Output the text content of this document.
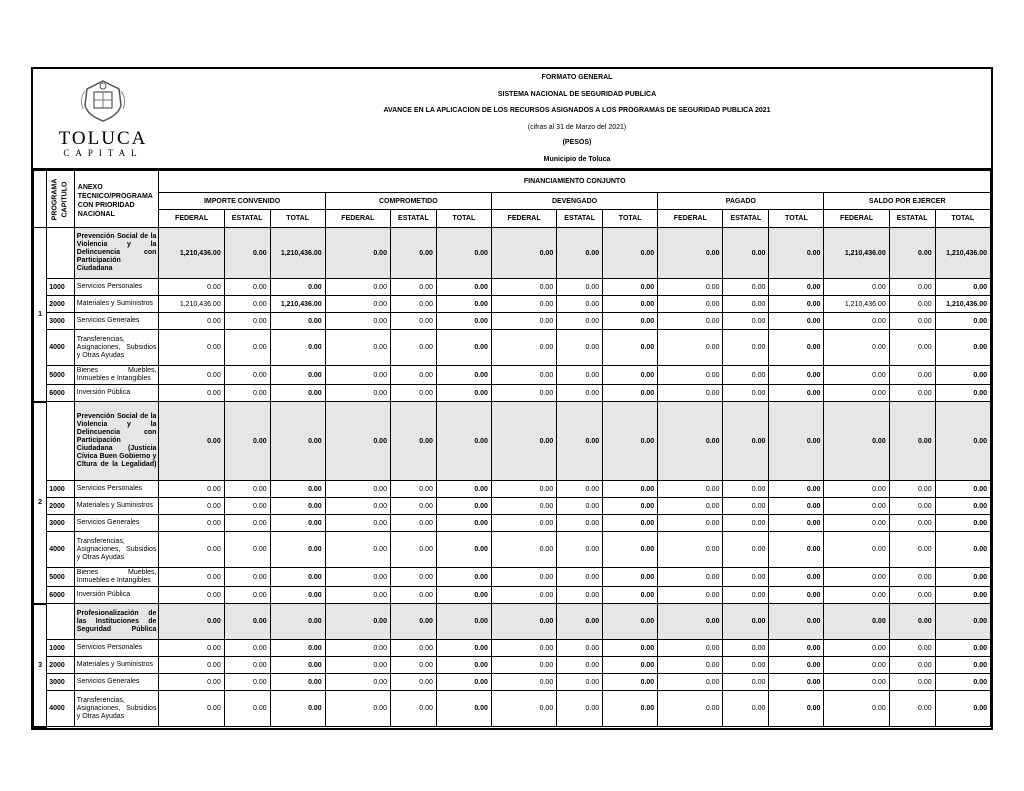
TOLUCA
CAPITAL
FORMATO GENERAL
SISTEMA NACIONAL DE SEGURIDAD PUBLICA
AVANCE EN LA APLICACION DE LOS RECURSOS ASIGNADOS A LOS PROGRAMAS DE SEGURIDAD PUBLICA 2021
(cifras al 31 de Marzo del 2021)
(PESOS)
Municipio de Toluca
PROGRAMA	CAPITULO	ANEXO TECNICO/PROGRAMA CON PRIORIDAD NACIONAL	FINANCIAMIENTO CONJUNTO														
			IMPORTE CONVENIDO			COMPROMETIDO			DEVENGADO			PAGADO			SALDO POR EJERCER		
			FEDERAL	ESTATAL	TOTAL	FEDERAL	ESTATAL	TOTAL	FEDERAL	ESTATAL	TOTAL	FEDERAL	ESTATAL	TOTAL	FEDERAL	ESTATAL	TOTAL
1		Prevención Social de la Violencia y la Delincuencia con Participación Ciudadana	1,210,436.00	0.00	1,210,436.00	0.00	0.00	0.00	0.00	0.00	0.00	0.00	0.00	0.00	1,210,436.00	0.00	1,210,436.00
	1000	Servicios Personales	0.00	0.00	0.00	0.00	0.00	0.00	0.00	0.00	0.00	0.00	0.00	0.00	0.00	0.00	0.00
	2000	Materiales y Suministros	1,210,436.00	0.00	1,210,436.00	0.00	0.00	0.00	0.00	0.00	0.00	0.00	0.00	0.00	1,210,436.00	0.00	1,210,436.00
	3000	Servicios Generales	0.00	0.00	0.00	0.00	0.00	0.00	0.00	0.00	0.00	0.00	0.00	0.00	0.00	0.00	0.00
	4000	Transferencias, Asignaciones, Subsidios y Otras Ayudas	0.00	0.00	0.00	0.00	0.00	0.00	0.00	0.00	0.00	0.00	0.00	0.00	0.00	0.00	0.00
	5000	Bienes Muebles, Inmuebles e Intangibles	0.00	0.00	0.00	0.00	0.00	0.00	0.00	0.00	0.00	0.00	0.00	0.00	0.00	0.00	0.00
	6000	Inversión Pública	0.00	0.00	0.00	0.00	0.00	0.00	0.00	0.00	0.00	0.00	0.00	0.00	0.00	0.00	0.00
2		Prevención Social de la Violencia y la Delincuencia con Participación Ciudadana (Justicia Cívica Buen Gobierno y Cltura de la Legalidad)	0.00	0.00	0.00	0.00	0.00	0.00	0.00	0.00	0.00	0.00	0.00	0.00	0.00	0.00	0.00
	1000	Servicios Personales	0.00	0.00	0.00	0.00	0.00	0.00	0.00	0.00	0.00	0.00	0.00	0.00	0.00	0.00	0.00
	2000	Materiales y Suministros	0.00	0.00	0.00	0.00	0.00	0.00	0.00	0.00	0.00	0.00	0.00	0.00	0.00	0.00	0.00
	3000	Servicios Generales	0.00	0.00	0.00	0.00	0.00	0.00	0.00	0.00	0.00	0.00	0.00	0.00	0.00	0.00	0.00
	4000	Transferencias, Asignaciones, Subsidios y Otras Ayudas	0.00	0.00	0.00	0.00	0.00	0.00	0.00	0.00	0.00	0.00	0.00	0.00	0.00	0.00	0.00
	5000	Bienes Muebles, Inmuebles e Intangibles	0.00	0.00	0.00	0.00	0.00	0.00	0.00	0.00	0.00	0.00	0.00	0.00	0.00	0.00	0.00
	6000	Inversión Pública	0.00	0.00	0.00	0.00	0.00	0.00	0.00	0.00	0.00	0.00	0.00	0.00	0.00	0.00	0.00
3		Profesionalización de las Instituciones de Seguridad Pública	0.00	0.00	0.00	0.00	0.00	0.00	0.00	0.00	0.00	0.00	0.00	0.00	0.00	0.00	0.00
	1000	Servicios Personales	0.00	0.00	0.00	0.00	0.00	0.00	0.00	0.00	0.00	0.00	0.00	0.00	0.00	0.00	0.00
	2000	Materiales y Suministros	0.00	0.00	0.00	0.00	0.00	0.00	0.00	0.00	0.00	0.00	0.00	0.00	0.00	0.00	0.00
	3000	Servicios Generales	0.00	0.00	0.00	0.00	0.00	0.00	0.00	0.00	0.00	0.00	0.00	0.00	0.00	0.00	0.00
	4000	Transferencias, Asignaciones, Subsidios y Otras Ayudas	0.00	0.00	0.00	0.00	0.00	0.00	0.00	0.00	0.00	0.00	0.00	0.00	0.00	0.00	0.00
